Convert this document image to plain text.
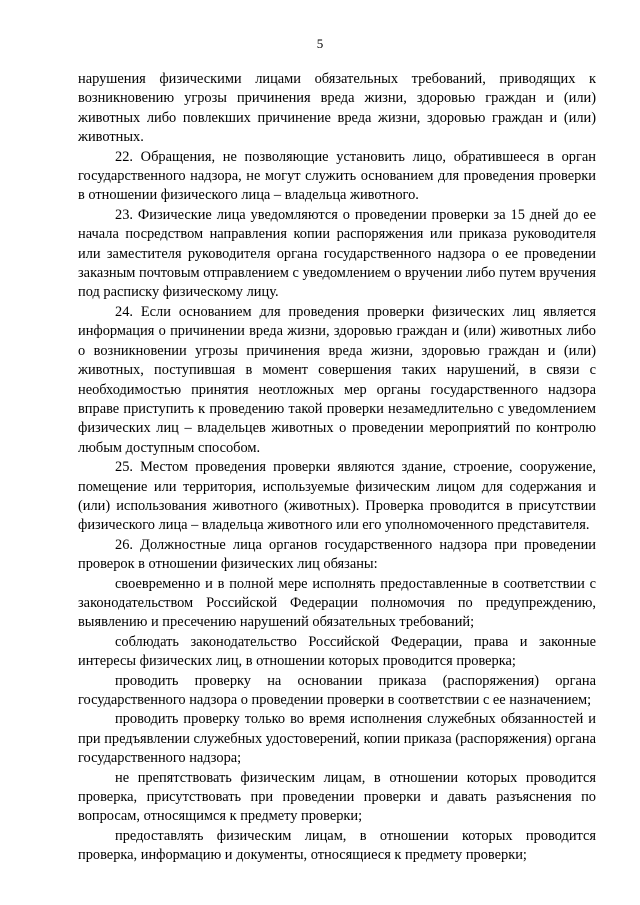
5

нарушения физическими лицами обязательных требований, приводящих к возникновению угрозы причинения вреда жизни, здоровью граждан и (или) животных либо повлекших причинение вреда жизни, здоровью граждан и (или) животных.

22. Обращения, не позволяющие установить лицо, обратившееся в орган государственного надзора, не могут служить основанием для проведения проверки в отношении физического лица – владельца животного.

23. Физические лица уведомляются о проведении проверки за 15 дней до ее начала посредством направления копии распоряжения или приказа руководителя или заместителя руководителя органа государственного надзора о ее проведении заказным почтовым отправлением с уведомлением о вручении либо путем вручения под расписку физическому лицу.

24. Если основанием для проведения проверки физических лиц является информация о причинении вреда жизни, здоровью граждан и (или) животных либо о возникновении угрозы причинения вреда жизни, здоровью граждан и (или) животных, поступившая в момент совершения таких нарушений, в связи с необходимостью принятия неотложных мер органы государственного надзора вправе приступить к проведению такой проверки незамедлительно с уведомлением физических лиц – владельцев животных о проведении мероприятий по контролю любым доступным способом.

25. Местом проведения проверки являются здание, строение, сооружение, помещение или территория, используемые физическим лицом для содержания и (или) использования животного (животных). Проверка проводится в присутствии физического лица – владельца животного или его уполномоченного представителя.

26. Должностные лица органов государственного надзора при проведении проверок в отношении физических лиц обязаны:

своевременно и в полной мере исполнять предоставленные в соответствии с законодательством Российской Федерации полномочия по предупреждению, выявлению и пресечению нарушений обязательных требований;

соблюдать законодательство Российской Федерации, права и законные интересы физических лиц, в отношении которых проводится проверка;

проводить проверку на основании приказа (распоряжения) органа государственного надзора о проведении проверки в соответствии с ее назначением;

проводить проверку только во время исполнения служебных обязанностей и при предъявлении служебных удостоверений, копии приказа (распоряжения) органа государственного надзора;

не препятствовать физическим лицам, в отношении которых проводится проверка, присутствовать при проведении проверки и давать разъяснения по вопросам, относящимся к предмету проверки;

предоставлять физическим лицам, в отношении которых проводится проверка, информацию и документы, относящиеся к предмету проверки;
